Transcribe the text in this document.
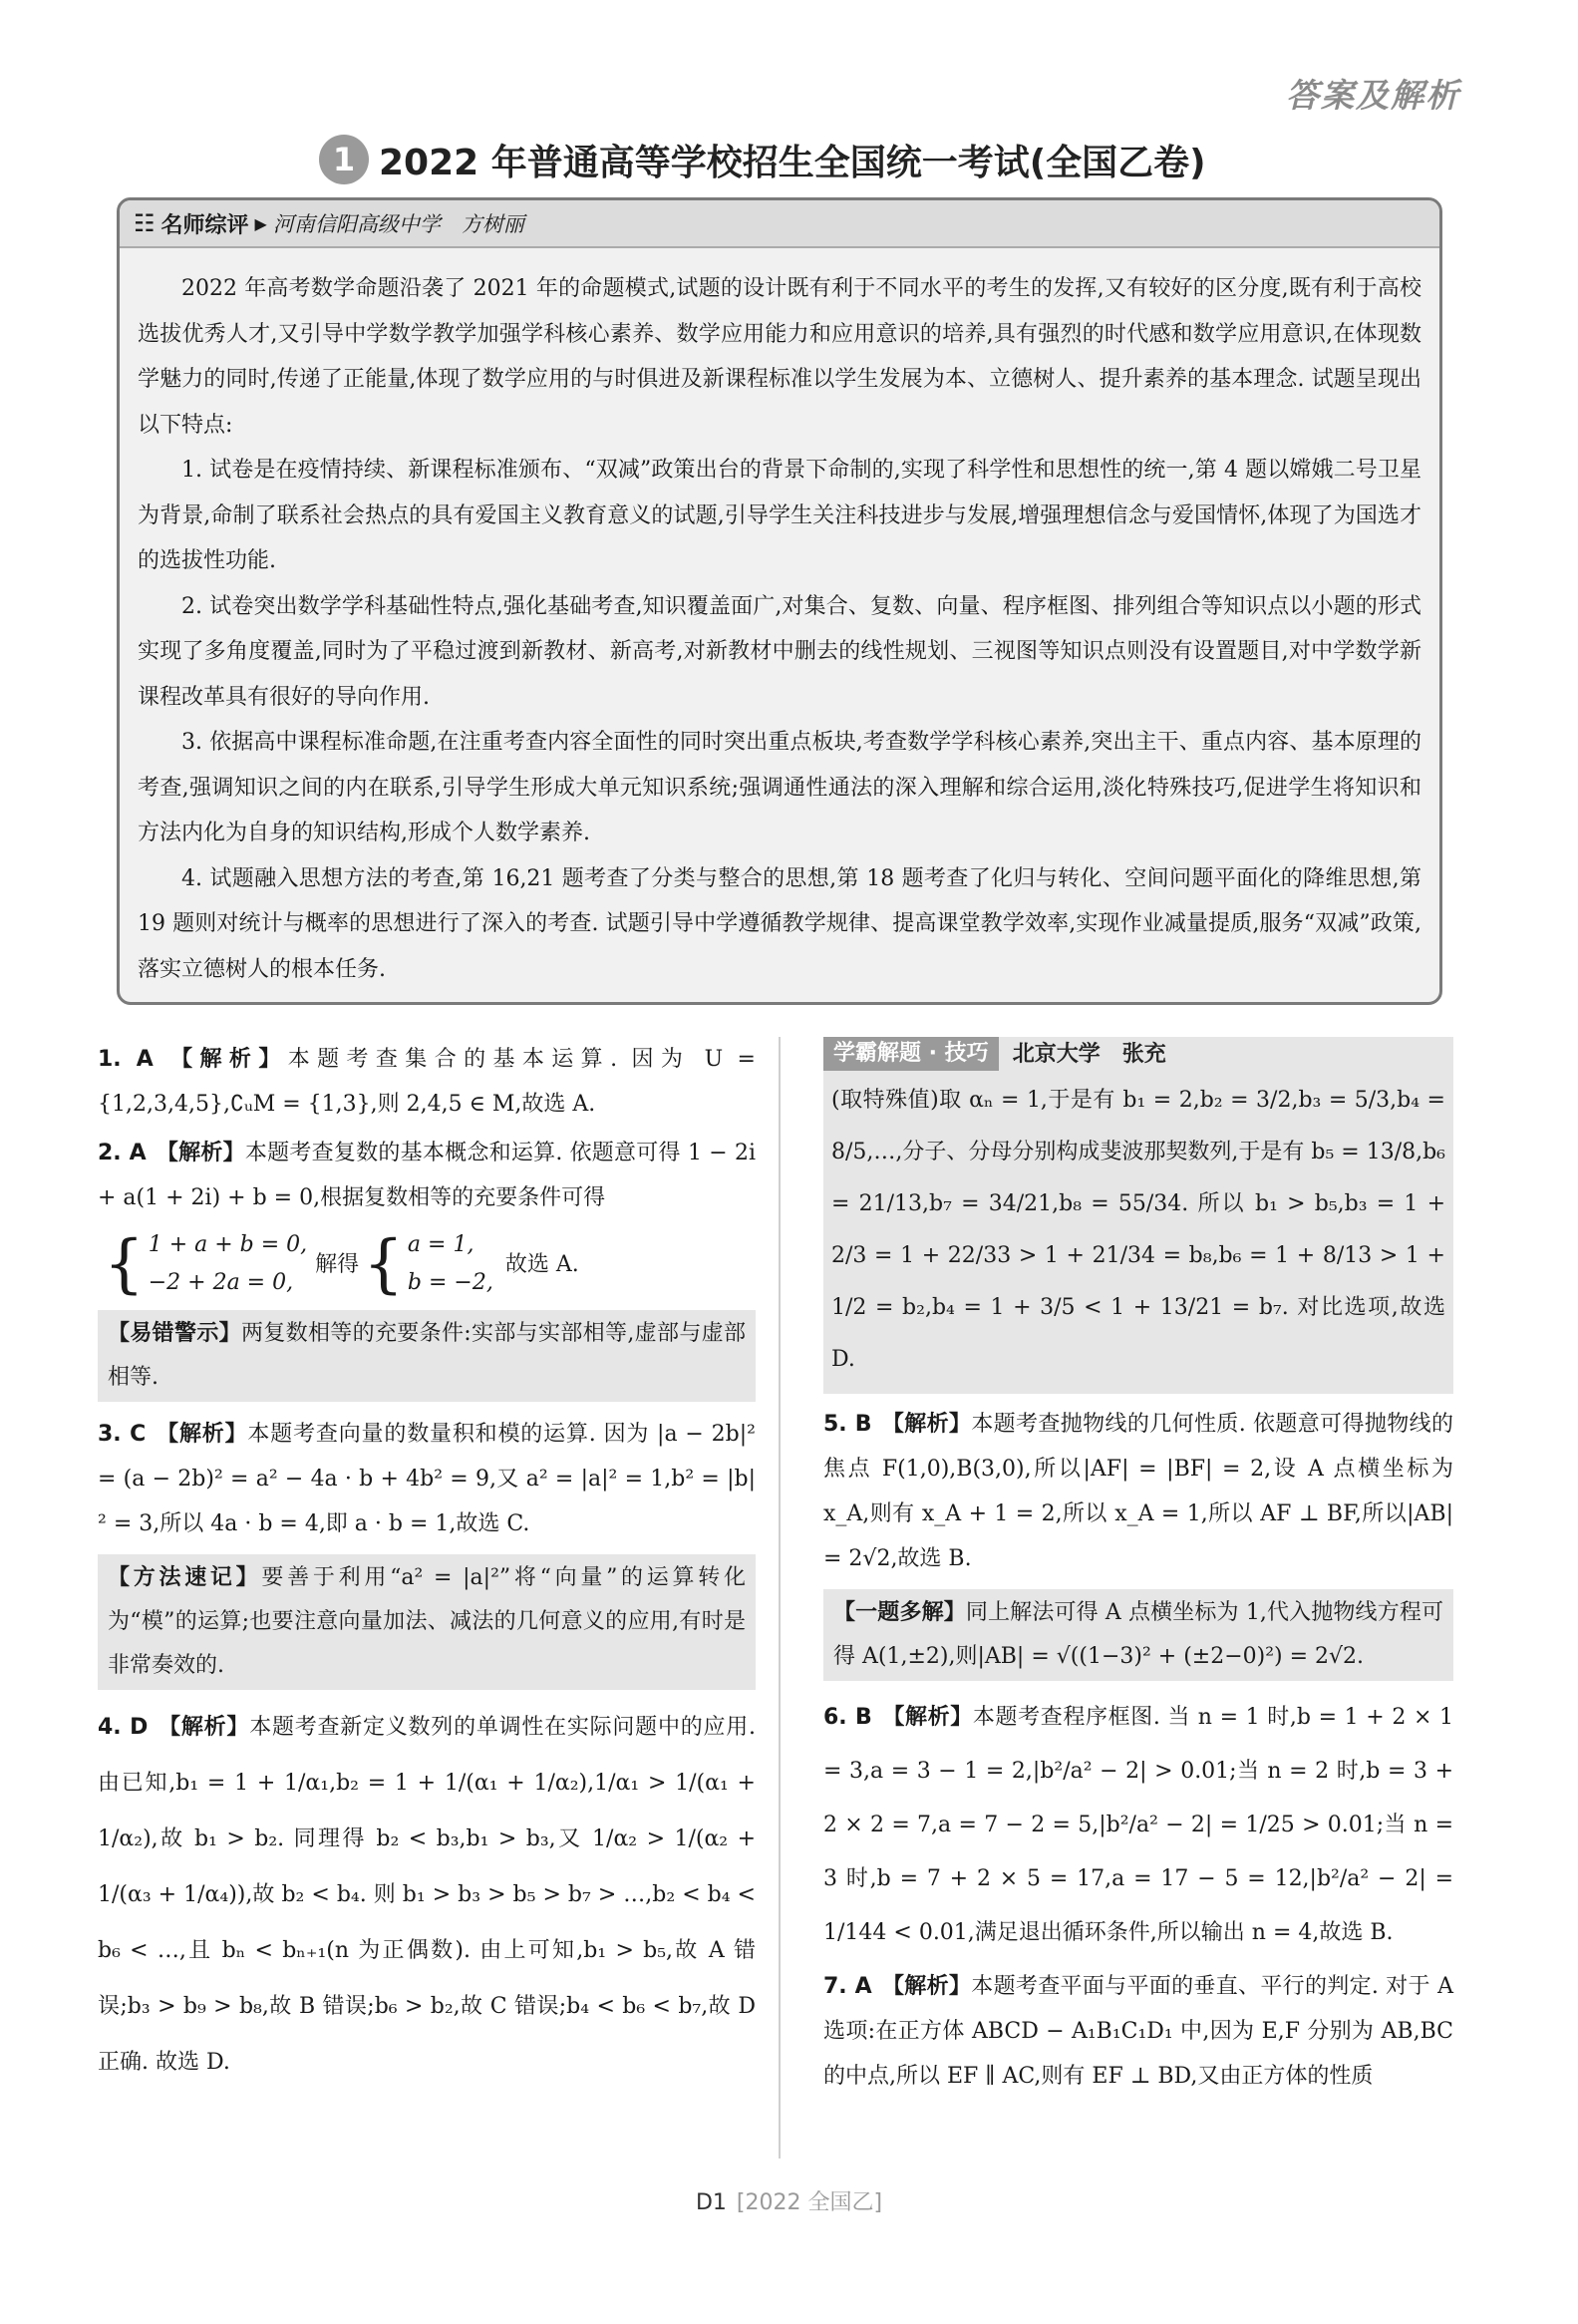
答案及解析
1 2022 年普通高等学校招生全国统一考试(全国乙卷)
☷ 名师综评 ▶ 河南信阳高级中学　方树丽

2022 年高考数学命题沿袭了 2021 年的命题模式,试题的设计既有利于不同水平的考生的发挥,又有较好的区分度,既有利于高校选拔优秀人才,又引导中学数学教学加强学科核心素养、数学应用能力和应用意识的培养,具有强烈的时代感和数学应用意识,在体现数学魅力的同时,传递了正能量,体现了数学应用的与时俱进及新课程标准以学生发展为本、立德树人、提升素养的基本理念. 试题呈现出以下特点:

1. 试卷是在疫情持续、新课程标准颁布、“双减”政策出台的背景下命制的,实现了科学性和思想性的统一,第 4 题以嫦娥二号卫星为背景,命制了联系社会热点的具有爱国主义教育意义的试题,引导学生关注科技进步与发展,增强理想信念与爱国情怀,体现了为国选才的选拔性功能.

2. 试卷突出数学学科基础性特点,强化基础考查,知识覆盖面广,对集合、复数、向量、程序框图、排列组合等知识点以小题的形式实现了多角度覆盖,同时为了平稳过渡到新教材、新高考,对新教材中删去的线性规划、三视图等知识点则没有设置题目,对中学数学新课程改革具有很好的导向作用.

3. 依据高中课程标准命题,在注重考查内容全面性的同时突出重点板块,考查数学学科核心素养,突出主干、重点内容、基本原理的考查,强调知识之间的内在联系,引导学生形成大单元知识系统;强调通性通法的深入理解和综合运用,淡化特殊技巧,促进学生将知识和方法内化为自身的知识结构,形成个人数学素养.

4. 试题融入思想方法的考查,第 16,21 题考查了分类与整合的思想,第 18 题考查了化归与转化、空间问题平面化的降维思想,第 19 题则对统计与概率的思想进行了深入的考查. 试题引导中学遵循教学规律、提高课堂教学效率,实现作业减量提质,服务“双减”政策,落实立德树人的根本任务.

1. A 【解析】本题考查集合的基本运算. 因为 U = {1,2,3,4,5},∁ᵤM = {1,3},则 2,4,5 ∈ M,故选 A.
2. A 【解析】本题考查复数的基本概念和运算. 依题意可得 1 − 2i + a(1 + 2i) + b = 0,根据复数相等的充要条件可得
{ 1 + a + b = 0,
−2 + 2a = 0,
解得 { a = 1,
b = −2,
故选 A.
【易错警示】两复数相等的充要条件:实部与实部相等,虚部与虚部相等.
3. C 【解析】本题考查向量的数量积和模的运算. 因为 |a − 2b|² = (a − 2b)² = a² − 4a · b + 4b² = 9,又 a² = |a|² = 1,b² = |b|² = 3,所以 4a · b = 4,即 a · b = 1,故选 C.
【方法速记】要善于利用“a² = |a|²”将“向量”的运算转化为“模”的运算;也要注意向量加法、减法的几何意义的应用,有时是非常奏效的.
4. D 【解析】本题考查新定义数列的单调性在实际问题中的应用. 由已知,b₁ = 1 + 1/α₁,b₂ = 1 + 1/(α₁ + 1/α₂),1/α₁ > 1/(α₁ + 1/α₂),故 b₁ > b₂. 同理得 b₂ < b₃,b₁ > b₃,又 1/α₂ > 1/(α₂ + 1/(α₃ + 1/α₄)),故 b₂ < b₄. 则 b₁ > b₃ > b₅ > b₇ > …,b₂ < b₄ < b₆ < …,且 bₙ < bₙ₊₁(n 为正偶数). 由上可知,b₁ > b₅,故 A 错误;b₃ > b₉ > b₈,故 B 错误;b₆ > b₂,故 C 错误;b₄ < b₆ < b₇,故 D 正确. 故选 D.
学霸解题 · 技巧	北京大学　张充
(取特殊值)取 αₙ = 1,于是有 b₁ = 2,b₂ = 3/2,b₃ = 5/3,b₄ = 8/5,…,分子、分母分别构成斐波那契数列,于是有 b₅ = 13/8,b₆ = 21/13,b₇ = 34/21,b₈ = 55/34. 所以 b₁ > b₅,b₃ = 1 + 2/3 = 1 + 22/33 > 1 + 21/34 = b₈,b₆ = 1 + 8/13 > 1 + 1/2 = b₂,b₄ = 1 + 3/5 < 1 + 13/21 = b₇. 对比选项,故选 D.
5. B 【解析】本题考查抛物线的几何性质. 依题意可得抛物线的焦点 F(1,0),B(3,0),所以|AF| = |BF| = 2,设 A 点横坐标为 x_A,则有 x_A + 1 = 2,所以 x_A = 1,所以 AF ⊥ BF,所以|AB| = 2√2,故选 B.
【一题多解】同上解法可得 A 点横坐标为 1,代入抛物线方程可得 A(1,±2),则|AB| = √((1−3)² + (±2−0)²) = 2√2.
6. B 【解析】本题考查程序框图. 当 n = 1 时,b = 1 + 2 × 1 = 3,a = 3 − 1 = 2,|b²/a² − 2| > 0.01;当 n = 2 时,b = 3 + 2 × 2 = 7,a = 7 − 2 = 5,|b²/a² − 2| = 1/25 > 0.01;当 n = 3 时,b = 7 + 2 × 5 = 17,a = 17 − 5 = 12,|b²/a² − 2| = 1/144 < 0.01,满足退出循环条件,所以输出 n = 4,故选 B.
7. A 【解析】本题考查平面与平面的垂直、平行的判定. 对于 A 选项:在正方体 ABCD − A₁B₁C₁D₁ 中,因为 E,F 分别为 AB,BC 的中点,所以 EF ∥ AC,则有 EF ⊥ BD,又由正方体的性质
D1 [2022 全国乙]
